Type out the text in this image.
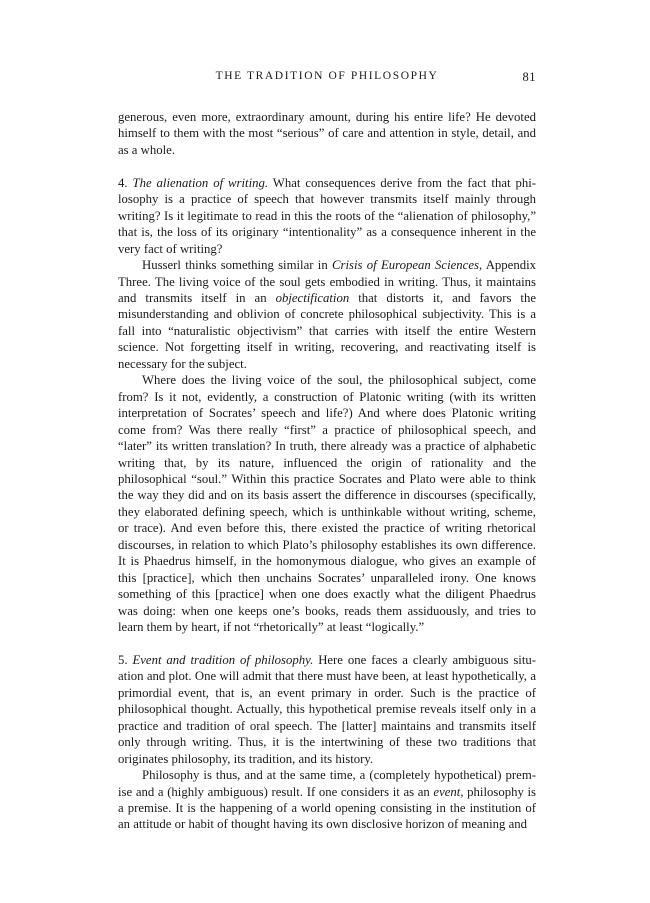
THE TRADITION OF PHILOSOPHY	81

generous, even more, extraordinary amount, during his entire life? He devoted himself to them with the most “serious” of care and attention in style, detail, and as a whole.

4. The alienation of writing. What consequences derive from the fact that philosophy is a practice of speech that however transmits itself mainly through writing? Is it legitimate to read in this the roots of the “alienation of philosophy,” that is, the loss of its originary “intentionality” as a consequence inherent in the very fact of writing?

Husserl thinks something similar in Crisis of European Sciences, Appendix Three. The living voice of the soul gets embodied in writing. Thus, it maintains and transmits itself in an objectification that distorts it, and favors the misunderstanding and oblivion of concrete philosophical subjectivity. This is a fall into “naturalistic objectivism” that carries with itself the entire Western science. Not forgetting itself in writing, recovering, and reactivating itself is necessary for the subject.

Where does the living voice of the soul, the philosophical subject, come from? Is it not, evidently, a construction of Platonic writing (with its written interpretation of Socrates’ speech and life?) And where does Platonic writing come from? Was there really “first” a practice of philosophical speech, and “later” its written translation? In truth, there already was a practice of alphabetic writing that, by its nature, influenced the origin of rationality and the philosophical “soul.” Within this practice Socrates and Plato were able to think the way they did and on its basis assert the difference in discourses (specifically, they elaborated defining speech, which is unthinkable without writing, scheme, or trace). And even before this, there existed the practice of writing rhetorical discourses, in relation to which Plato’s philosophy establishes its own difference. It is Phaedrus himself, in the homonymous dialogue, who gives an example of this [practice], which then unchains Socrates’ unparalleled irony. One knows something of this [practice] when one does exactly what the diligent Phaedrus was doing: when one keeps one’s books, reads them assiduously, and tries to learn them by heart, if not “rhetorically” at least “logically.”

5. Event and tradition of philosophy. Here one faces a clearly ambiguous situation and plot. One will admit that there must have been, at least hypothetically, a primordial event, that is, an event primary in order. Such is the practice of philosophical thought. Actually, this hypothetical premise reveals itself only in a practice and tradition of oral speech. The [latter] maintains and transmits itself only through writing. Thus, it is the intertwining of these two traditions that originates philosophy, its tradition, and its history.

Philosophy is thus, and at the same time, a (completely hypothetical) premise and a (highly ambiguous) result. If one considers it as an event, philosophy is a premise. It is the happening of a world opening consisting in the institution of an attitude or habit of thought having its own disclosive horizon of meaning and
